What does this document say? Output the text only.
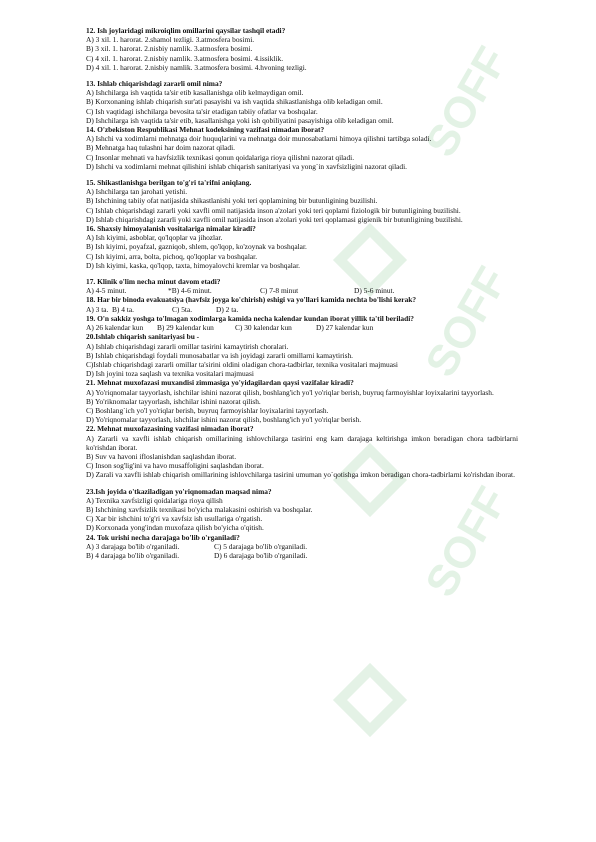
SOFF
SOFF
SOFF
12. Ish joylaridagi mikroiqlim omillarini qaysilar tashqil etadi?
A) 3 xil. 1. harorat. 2.shamol tezligi. 3.atmosfera bosimi.
B) 3 xil. 1. harorat. 2.nisbiy namlik. 3.atmosfera bosimi.
C) 4 xil. 1. harorat. 2.nisbiy namlik. 3.atmosfera bosimi. 4.issiklik.
D) 4 xil. 1. harorat. 2.nisbiy namlik. 3.atmosfera bosimi. 4.hvoning tezligi.
13. Ishlab chiqarishdagi zararli omil nima?
A) Ishchilarga ish vaqtida ta'sir etib kasallanishga olib kelmaydigan omil.
B) Korxonaning ishlab chiqarish sur'ati pasayishi va ish vaqtida shikastlanishga olib keladigan omil.
C) Ish vaqtidagi ishchilarga bevosita ta'sir etadigan tabiiy ofatlar va boshqalar.
D) Ishchilarga ish vaqtida ta'sir etib, kasallanishga yoki ish qobiliyatini pasayishiga olib keladigan omil.
14. O'zbekiston Respublikasi Mehnat kodeksining vazifasi nimadan iborat?
A) Ishchi va xodimlarni mehnatga doir huquqlarini va mehnatga doir munosabatlarni himoya qilishni tartibga soladi.
B) Mehnatga haq tulashni har doim nazorat qiladi.
C) Insonlar mehnati va havfsizlik texnikasi qonun qoidalariga rioya qilishni nazorat qiladi.
D) Ishchi va xodimlarni mehnat qilishini ishlab chiqarish sanitariyasi va yong`in xavfsizligini nazorat qiladi.
15. Shikastlanishga berilgan to'g'ri ta'rifni aniqlang.
A) Ishchilarga tan jarohati yetishi.
B) Ishchining tabiiy ofat natijasida shikastlanishi yoki teri qoplamining bir butunligining buzilishi.
C) Ishlab chiqarishdagi zararli yoki xavfli omil natijasida inson a'zolari yoki teri qoplami fiziologik bir butunligining buzilishi.
D) Ishlab chiqarishdagi zararli yoki xavfli omil natijasida inson a'zolari yoki teri qoplamasi gigienik bir butunligining buzilishi.
16. Shaxsiy himoyalanish vositalariga nimalar kiradi?
A) Ish kiyimi, asboblar, qo'lqoplar va jihozlar.
B) Ish kiyimi, poyafzal, gazniqob, shlem, qo'lqop, ko'zoynak va boshqalar.
C) Ish kiyimi, arra, bolta, pichoq, qo'lqoplar va boshqalar.
D) Ish kiyimi, kaska, qo'lqop, taxta, himoyalovchi kremlar va boshqalar.
17. Klinik o'lim necha minut davom etadi?
A) 4-5 minut.	*B) 4-6 minut.	C) 7-8 minut	D) 5-6 minut.
18. Har bir binoda evakuatsiya (havfsiz joyga ko'chirish) eshigi va yo'llari kamida nechta bo'lishi kerak?
A) 3 ta. B) 4 ta.	C) 5ta.	D) 2 ta.
19. O'n sakkiz yoshga to'lmagan xodimlarga kamida necha kalendar kundan iborat yillik ta'til beriladi?
A) 26 kalendar kun	B) 29 kalendar kun	C) 30 kalendar kun	D) 27 kalendar kun
20.Ishlab chiqarish sanitariyasi bu -
A) Ishlab chiqarishdagi zararli omillar tasirini kamaytirish choralari.
B) Ishlab chiqarishdagi foydali munosabatlar va ish joyidagi zararli omillarni kamaytirish.
C)Ishlab chiqarishdagi zararli omillar ta'sirini oldini oladigan chora-tadbirlar, texnika vositalari majmuasi
D) Ish joyini toza saqlash va texnika vositalari majmuasi
21. Mehnat muxofazasi muxandisi zimmasiga yo'yidagilardan qaysi vazifalar kiradi?
A) Yo'riqnomalar tayyorlash, ishchilar ishini nazorat qilish, boshlang'ich yo'l yo'riqlar berish, buyruq farmoyishlar loyixalarini tayyorlash.
B) Yo'riknomalar tayyorlash, ishchilar ishini nazorat qilish.
C) Boshlang`ich yo'l yo'riqlar berish, buyruq farmoyishlar loyixalarini tayyorlash.
D) Yo'riqnomalar tayyorlash, ishchilar ishini nazorat qilish, boshlang'ich yo'l yo'riqlar berish.
22. Mehnat muxofazasining vazifasi nimadan iborat?
A) Zararli va xavfli ishlab chiqarish omillarining ishlovchilarga tasirini eng kam darajaga keltirishga imkon beradigan chora tadbirlarni ko'rishdan iborat.
B) Suv va havoni ifloslanishdan saqlashdan iborat.
C) Inson sog'lig'ini va havo musaffoligini saqlashdan iborat.
D) Zarali va xavfli ishlab chiqarish omillarining ishlovchilarga tasirini umuman yo`qotishga imkon beradigan chora-tadbirlarni ko'rishdan iborat.
23.Ish joyida o'tkaziladigan yo'riqnomadan maqsad nima?
A) Texnika xavfsizligi qoidalariga rioya qilish
B) Ishchining xavfsizlik texnikasi bo'yicha malakasini oshirish va boshqalar.
C) Xar bir ishchini to'g'ri va xavfsiz ish usullariga o'rgatish.
D) Korxonada yong'indan muxofaza qilish bo'yicha o'qitish.
24. Tok urishi necha darajaga bo'lib o'rganiladi?
A) 3 darajaga bo'lib o'rganiladi.	C) 5 darajaga bo'lib o'rganiladi.
B) 4 darajaga bo'lib o'rganiladi.	D) 6 darajaga bo'lib o'rganiladi.
